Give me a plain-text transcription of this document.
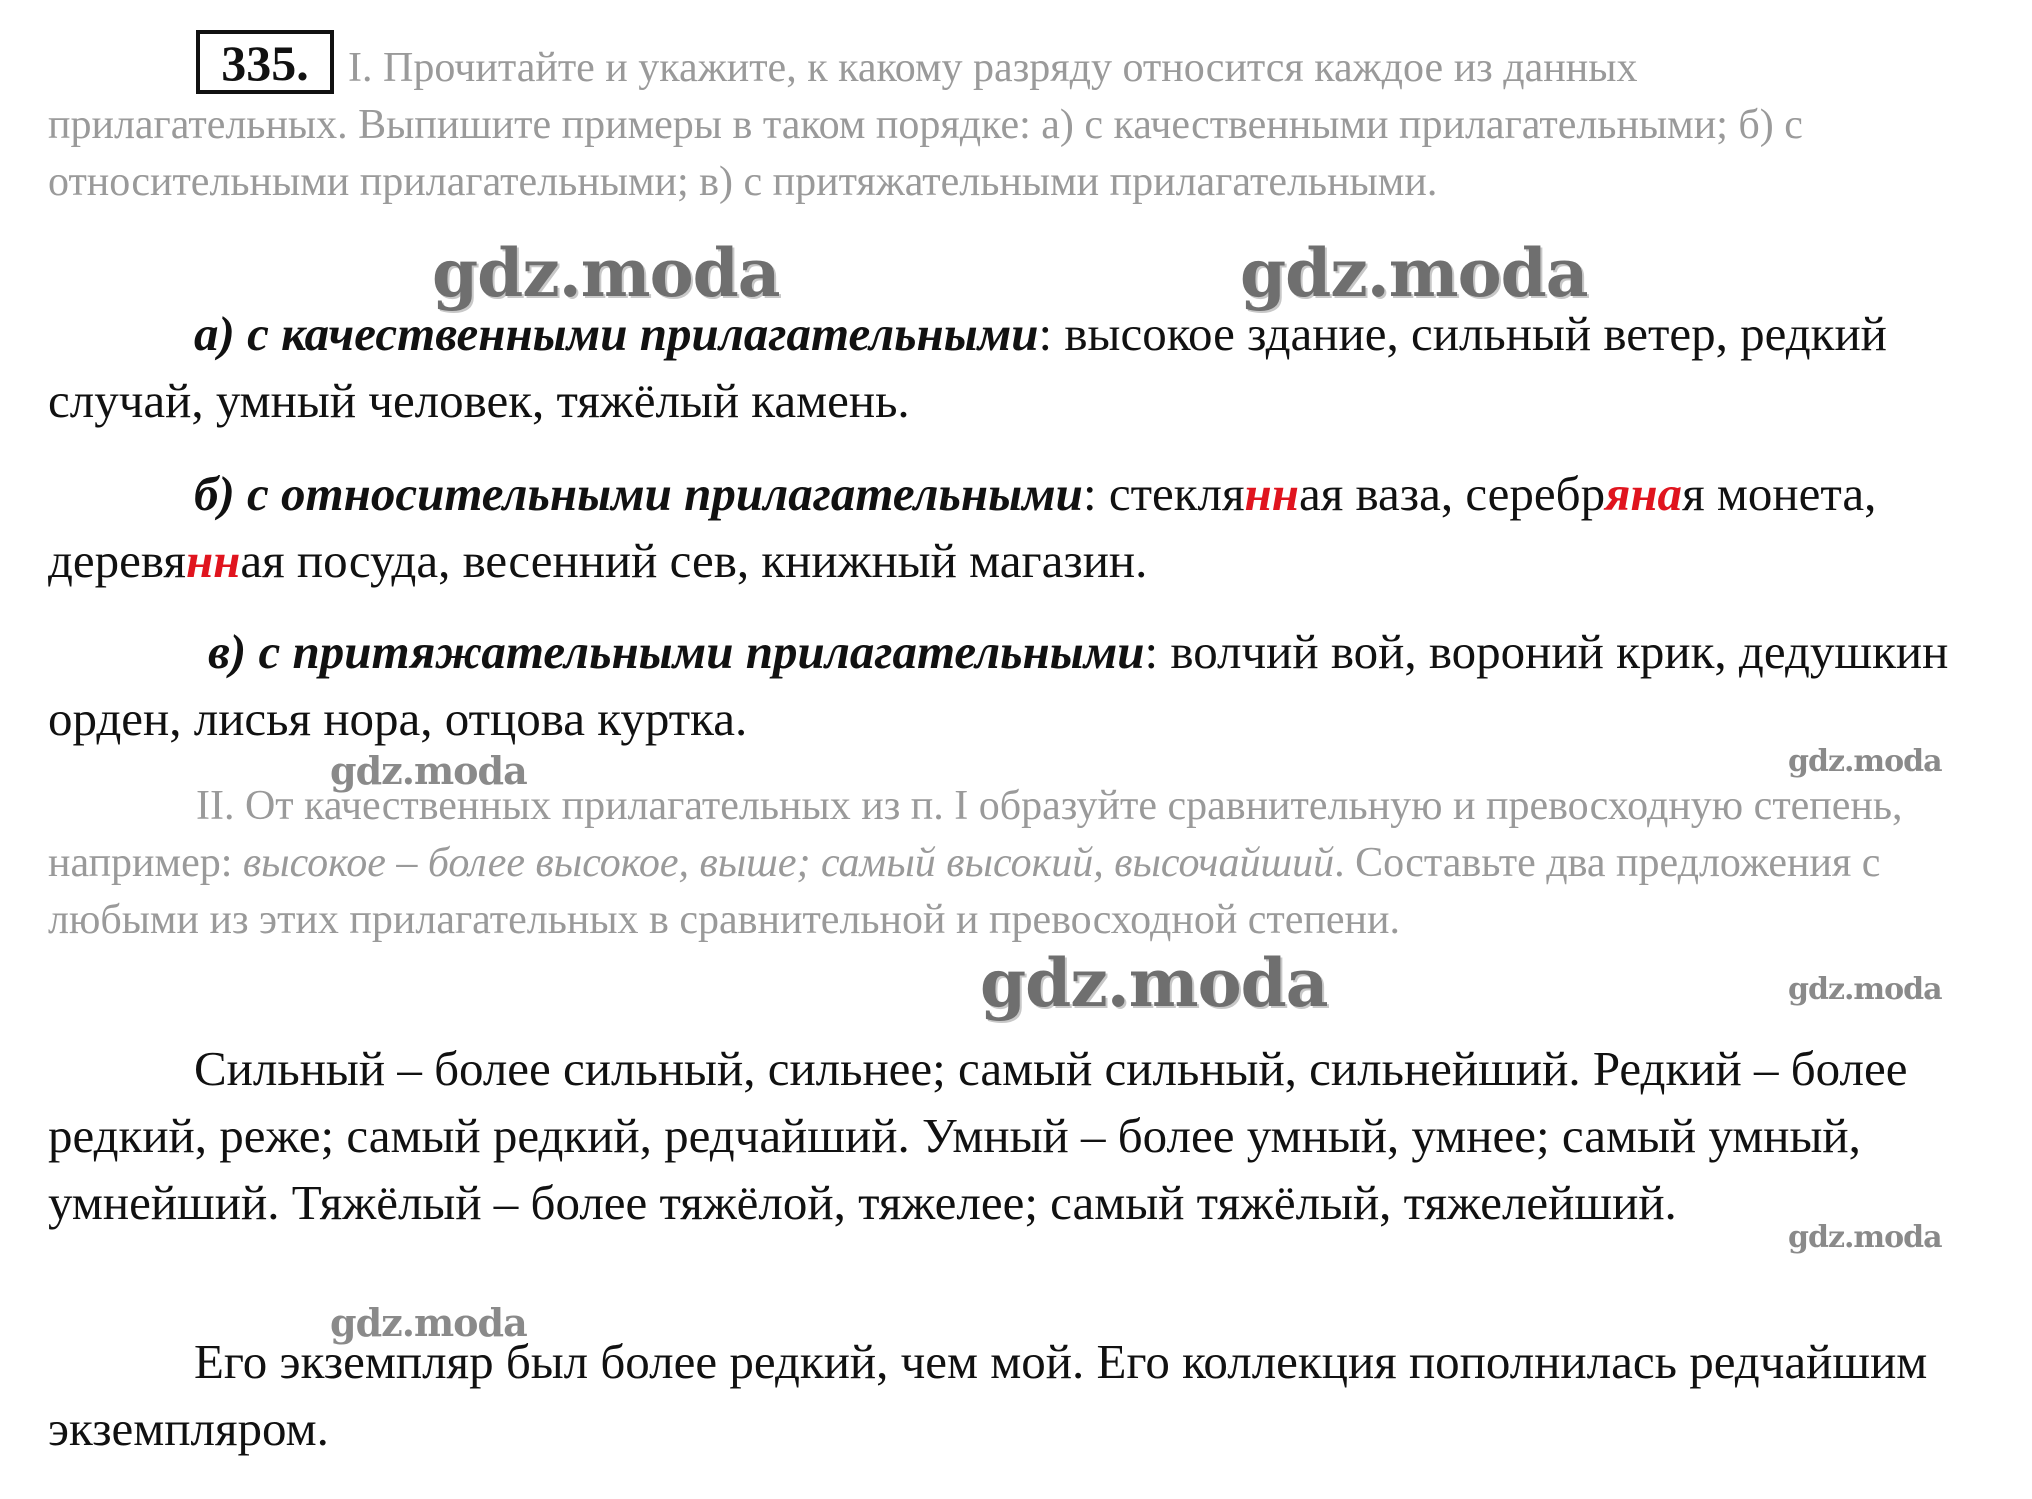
335. I. Прочитайте и укажите, к какому разряду относится каждое из данных прилагательных. Выпишите примеры в таком порядке: а) с качественными прилагательными; б) с относительными прилагательными; в) с притяжательными прилагательными.
а) с качественными прилагательными: высокое здание, сильный ветер, редкий случай, умный человек, тяжёлый камень.
б) с относительными прилагательными: стеклянная ваза, серебряная монета, деревянная посуда, весенний сев, книжный магазин.
в) с притяжательными прилагательными: волчий вой, вороний крик, дедушкин орден, лисья нора, отцова куртка.
II. От качественных прилагательных из п. I образуйте сравнительную и превосходную степень, например: высокое – более высокое, выше; самый высокий, высочайший. Составьте два предложения с любыми из этих прилагательных в сравнительной и превосходной степени.
Сильный – более сильный, сильнее; самый сильный, сильнейший. Редкий – более редкий, реже; самый редкий, редчайший. Умный – более умный, умнее; самый умный, умнейший. Тяжёлый – более тяжёлой, тяжелее; самый тяжёлый, тяжелейший.
Его экземпляр был более редкий, чем мой. Его коллекция пополнилась редчайшим экземпляром.
gdz.moda	gdz.moda
gdz.moda	gdz.moda
gdz.moda	gdz.moda
gdz.moda
gdz.moda
